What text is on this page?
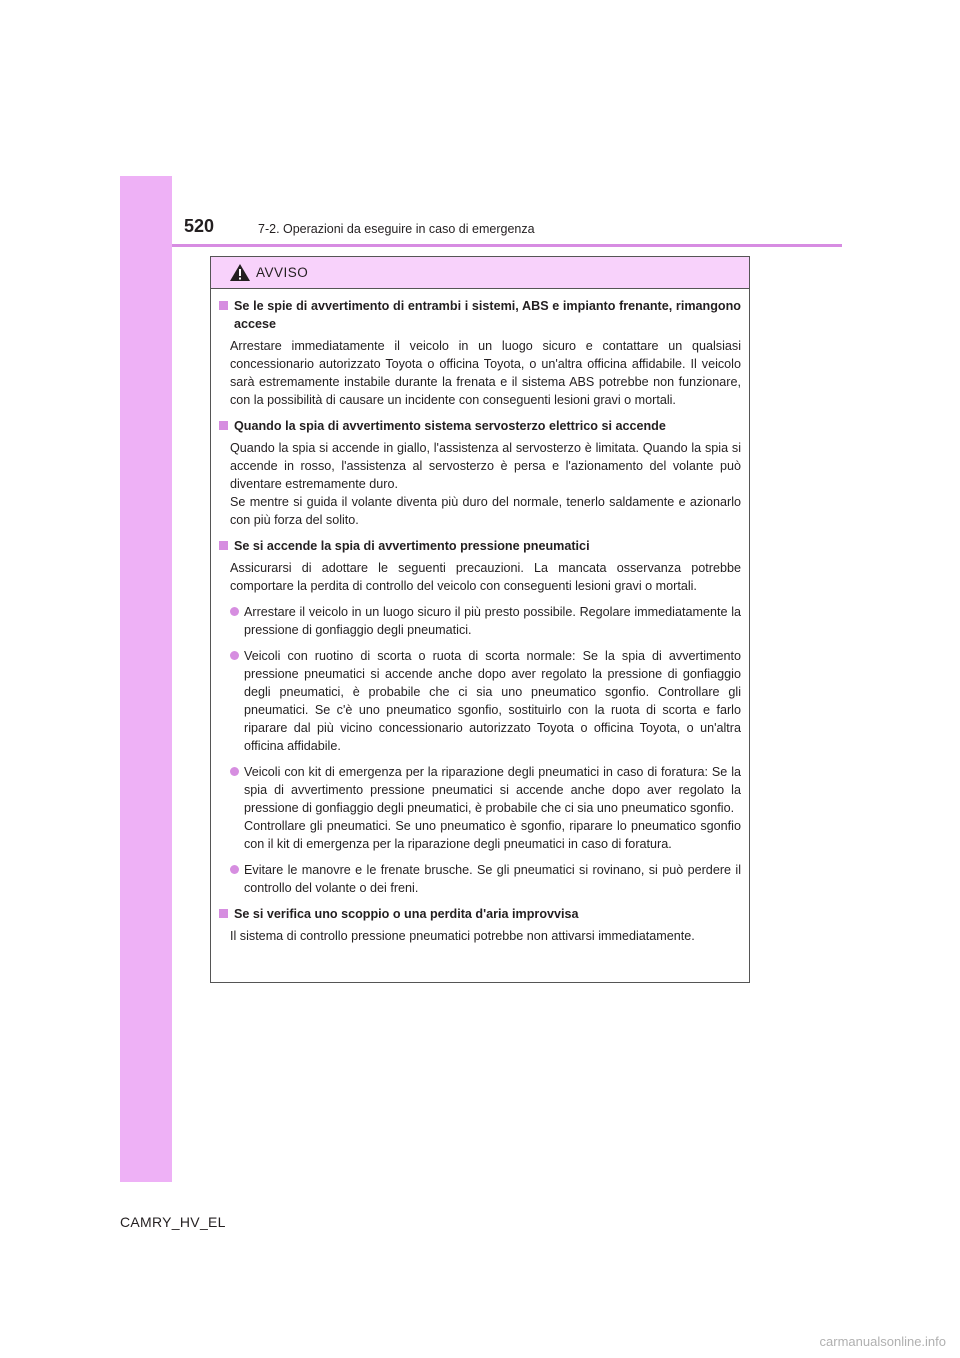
520	7-2. Operazioni da eseguire in caso di emergenza
AVVISO
Se le spie di avvertimento di entrambi i sistemi, ABS e impianto frenante, rimangono accese
Arrestare immediatamente il veicolo in un luogo sicuro e contattare un qualsiasi concessionario autorizzato Toyota o officina Toyota, o un'altra officina affidabile. Il veicolo sarà estremamente instabile durante la frenata e il sistema ABS potrebbe non funzionare, con la possibilità di causare un incidente con conseguenti lesioni gravi o mortali.
Quando la spia di avvertimento sistema servosterzo elettrico si accende
Quando la spia si accende in giallo, l'assistenza al servosterzo è limitata. Quando la spia si accende in rosso, l'assistenza al servosterzo è persa e l'azionamento del volante può diventare estremamente duro.
Se mentre si guida il volante diventa più duro del normale, tenerlo saldamente e azionarlo con più forza del solito.
Se si accende la spia di avvertimento pressione pneumatici
Assicurarsi di adottare le seguenti precauzioni. La mancata osservanza potrebbe comportare la perdita di controllo del veicolo con conseguenti lesioni gravi o mortali.
Arrestare il veicolo in un luogo sicuro il più presto possibile. Regolare immediatamente la pressione di gonfiaggio degli pneumatici.
Veicoli con ruotino di scorta o ruota di scorta normale: Se la spia di avvertimento pressione pneumatici si accende anche dopo aver regolato la pressione di gonfiaggio degli pneumatici, è probabile che ci sia uno pneumatico sgonfio. Controllare gli pneumatici. Se c'è uno pneumatico sgonfio, sostituirlo con la ruota di scorta e farlo riparare dal più vicino concessionario autorizzato Toyota o officina Toyota, o un'altra officina affidabile.
Veicoli con kit di emergenza per la riparazione degli pneumatici in caso di foratura: Se la spia di avvertimento pressione pneumatici si accende anche dopo aver regolato la pressione di gonfiaggio degli pneumatici, è probabile che ci sia uno pneumatico sgonfio.
Controllare gli pneumatici. Se uno pneumatico è sgonfio, riparare lo pneumatico sgonfio con il kit di emergenza per la riparazione degli pneumatici in caso di foratura.
Evitare le manovre e le frenate brusche. Se gli pneumatici si rovinano, si può perdere il controllo del volante o dei freni.
Se si verifica uno scoppio o una perdita d'aria improvvisa
Il sistema di controllo pressione pneumatici potrebbe non attivarsi immediatamente.
CAMRY_HV_EL
carmanualsonline.info
